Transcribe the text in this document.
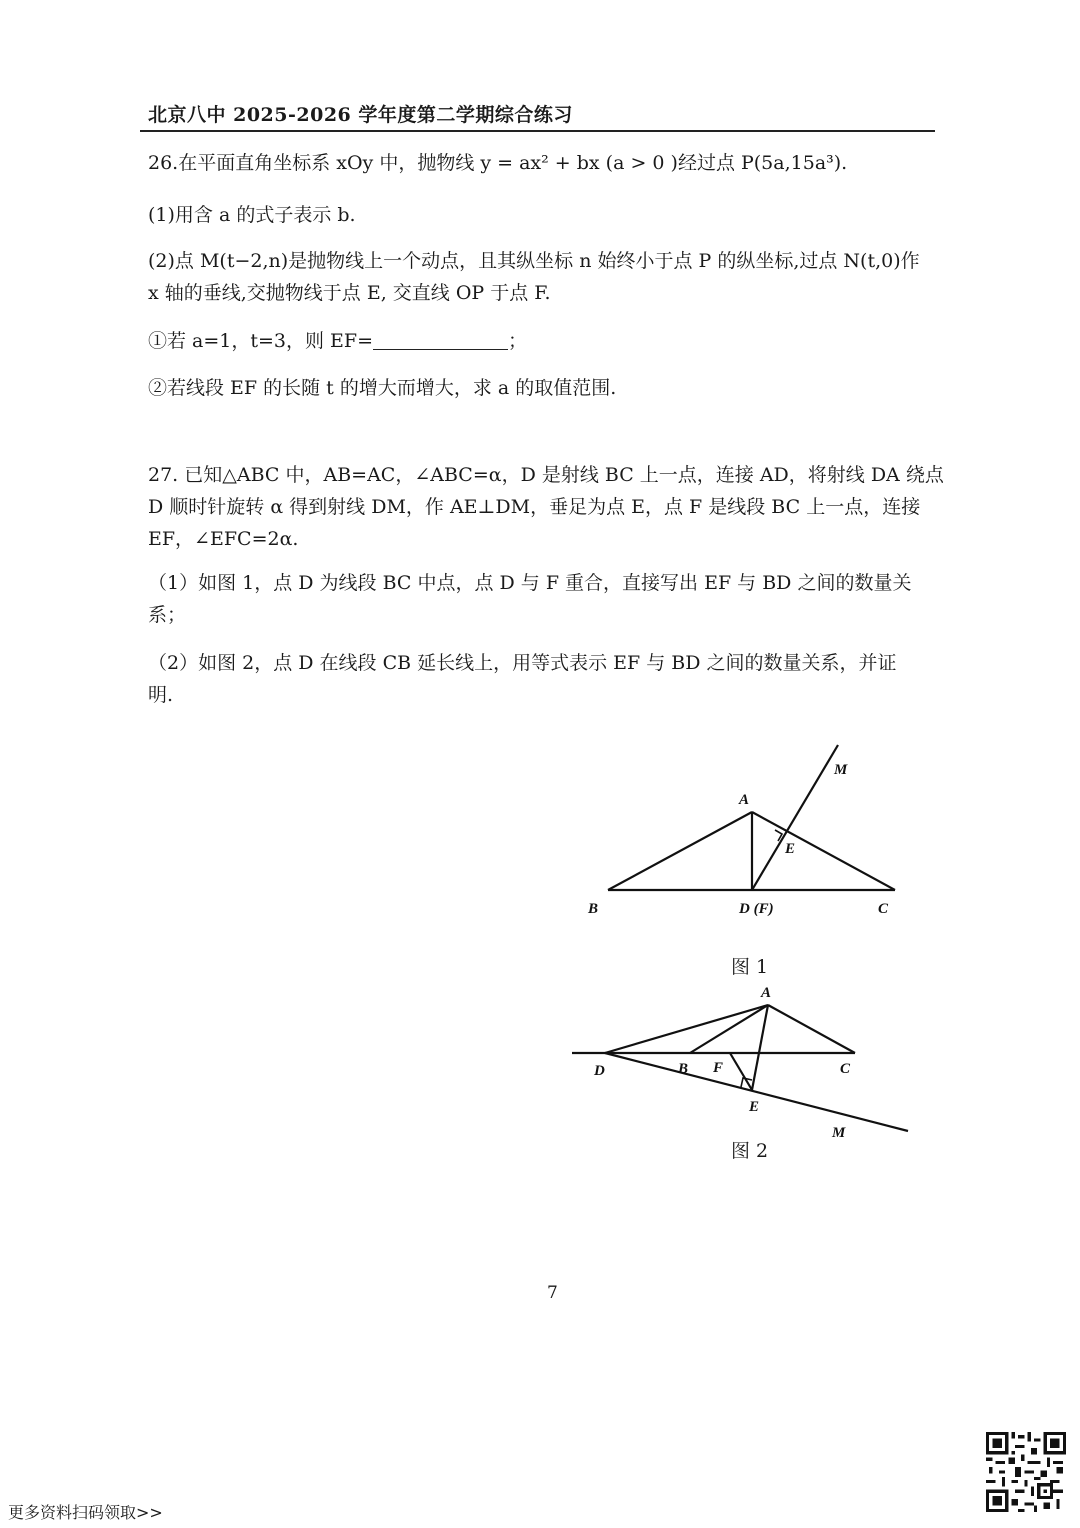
北京八中 2025-2026 学年度第二学期综合练习
26.在平面直角坐标系 xOy 中，抛物线 y = ax² + bx (a > 0 )经过点 P(5a,15a³).
(1)用含 a 的式子表示 b.
(2)点 M(t−2,n)是抛物线上一个动点，且其纵坐标 n 始终小于点 P 的纵坐标,过点 N(t,0)作
x 轴的垂线,交抛物线于点 E, 交直线 OP 于点 F.
①若 a=1，t=3，则 EF=	；
②若线段 EF 的长随 t 的增大而增大，求 a 的取值范围.
27. 已知△ABC 中，AB=AC，∠ABC=α，D 是射线 BC 上一点，连接 AD，将射线 DA 绕点
D 顺时针旋转 α 得到射线 DM，作 AE⊥DM，垂足为点 E，点 F 是线段 BC 上一点，连接
EF，∠EFC=2α.
（1）如图 1，点 D 为线段 BC 中点，点 D 与 F 重合，直接写出 EF 与 BD 之间的数量关
系；
（2）如图 2，点 D 在线段 CB 延长线上，用等式表示 EF 与 BD 之间的数量关系，并证
明.
A
B	C
D (F)
E
M
A
B	C
D
E
F
M
图 1
图 2
7
更多资料扫码领取>>
